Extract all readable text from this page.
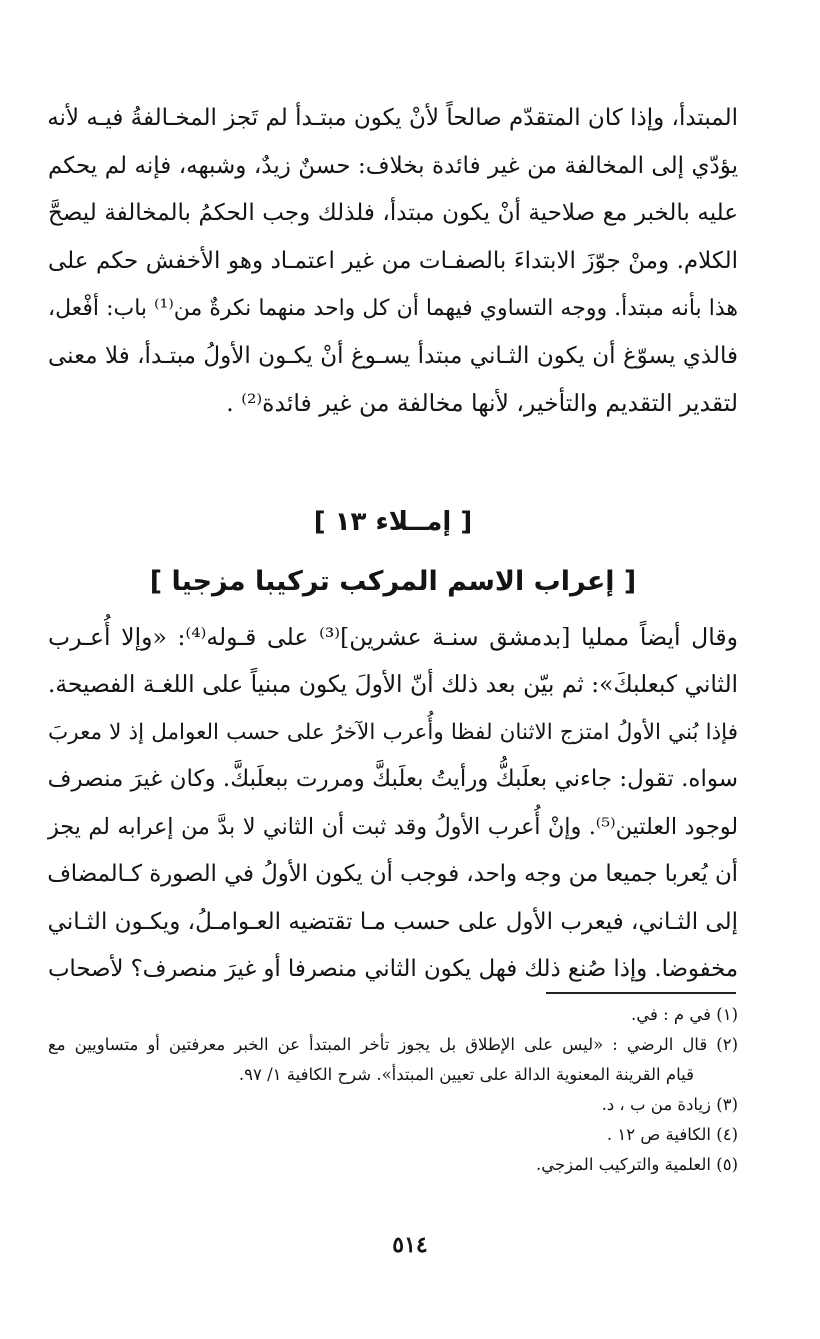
المبتدأ، وإذا كان المتقدّم صالحاً لأنْ يكون مبتـدأ لم تَجز المخـالفةُ فيـه لأنه
يؤدّي إلى المخالفة من غير فائدة بخلاف: حسنٌ زيدٌ، وشبهه، فإنه لم يحكم
عليه بالخبر مع صلاحية أنْ يكون مبتدأ، فلذلك وجب الحكمُ بالمخالفة ليصحَّ
الكلام. ومنْ جوّزَ الابتداءَ بالصفـات من غير اعتمـاد وهو الأخفش حكم على
هذا بأنه مبتدأ. ووجه التساوي فيهما أن كل واحد منهما نكرةٌ من⁽¹⁾ باب: أفْعل،
فالذي يسوّغ أن يكون الثـاني مبتدأ يسـوغ أنْ يكـون الأولُ مبتـدأ، فلا معنى
لتقدير التقديم والتأخير، لأنها مخالفة من غير فائدة⁽²⁾ .

[ إمــلاء ١٣ ]
[ إعراب الاسم المركب تركيبا مزجيا ]

وقال أيضاً ممليا [بدمشق سنـة عشرين]⁽³⁾ على قـوله⁽⁴⁾: «وإلا أُعـرب
الثاني كبعلبكَ»: ثم بيّن بعد ذلك أنّ الأولَ يكون مبنياً على اللغـة الفصيحة.
فإذا بُني الأولُ امتزج الاثنان لفظا وأُعرب الآخرُ على حسب العوامل إذ لا معربَ
سواه. تقول: جاءني بعلَبكُّ ورأيتُ بعلَبكَّ ومررت ببعلَبكَّ. وكان غيرَ منصرف
لوجود العلتين⁽⁵⁾. وإنْ أُعرب الأولُ وقد ثبت أن الثاني لا بدَّ من إعرابه لم يجز
أن يُعربا جميعا من وجه واحد، فوجب أن يكون الأولُ في الصورة كـالمضاف
إلى الثـاني، فيعرب الأول على حسب مـا تقتضيه العـوامـلُ، ويكـون الثـاني
مخفوضا. وإذا صُنع ذلك فهل يكون الثاني منصرفا أو غيرَ منصرف؟ لأصحاب

(١) في م : في.

(٢) قال الرضي : «ليس على الإطلاق بل يجوز تأخر المبتدأ عن الخبر معرفتين أو متساويين مع
قيام القرينة المعنوية الدالة على تعيين المبتدأ». شرح الكافية ١/ ٩٧.

(٣) زيادة من ب ، د.

(٤) الكافية ص ١٢ .

(٥) العلمية والتركيب المزجي.

٥١٤
